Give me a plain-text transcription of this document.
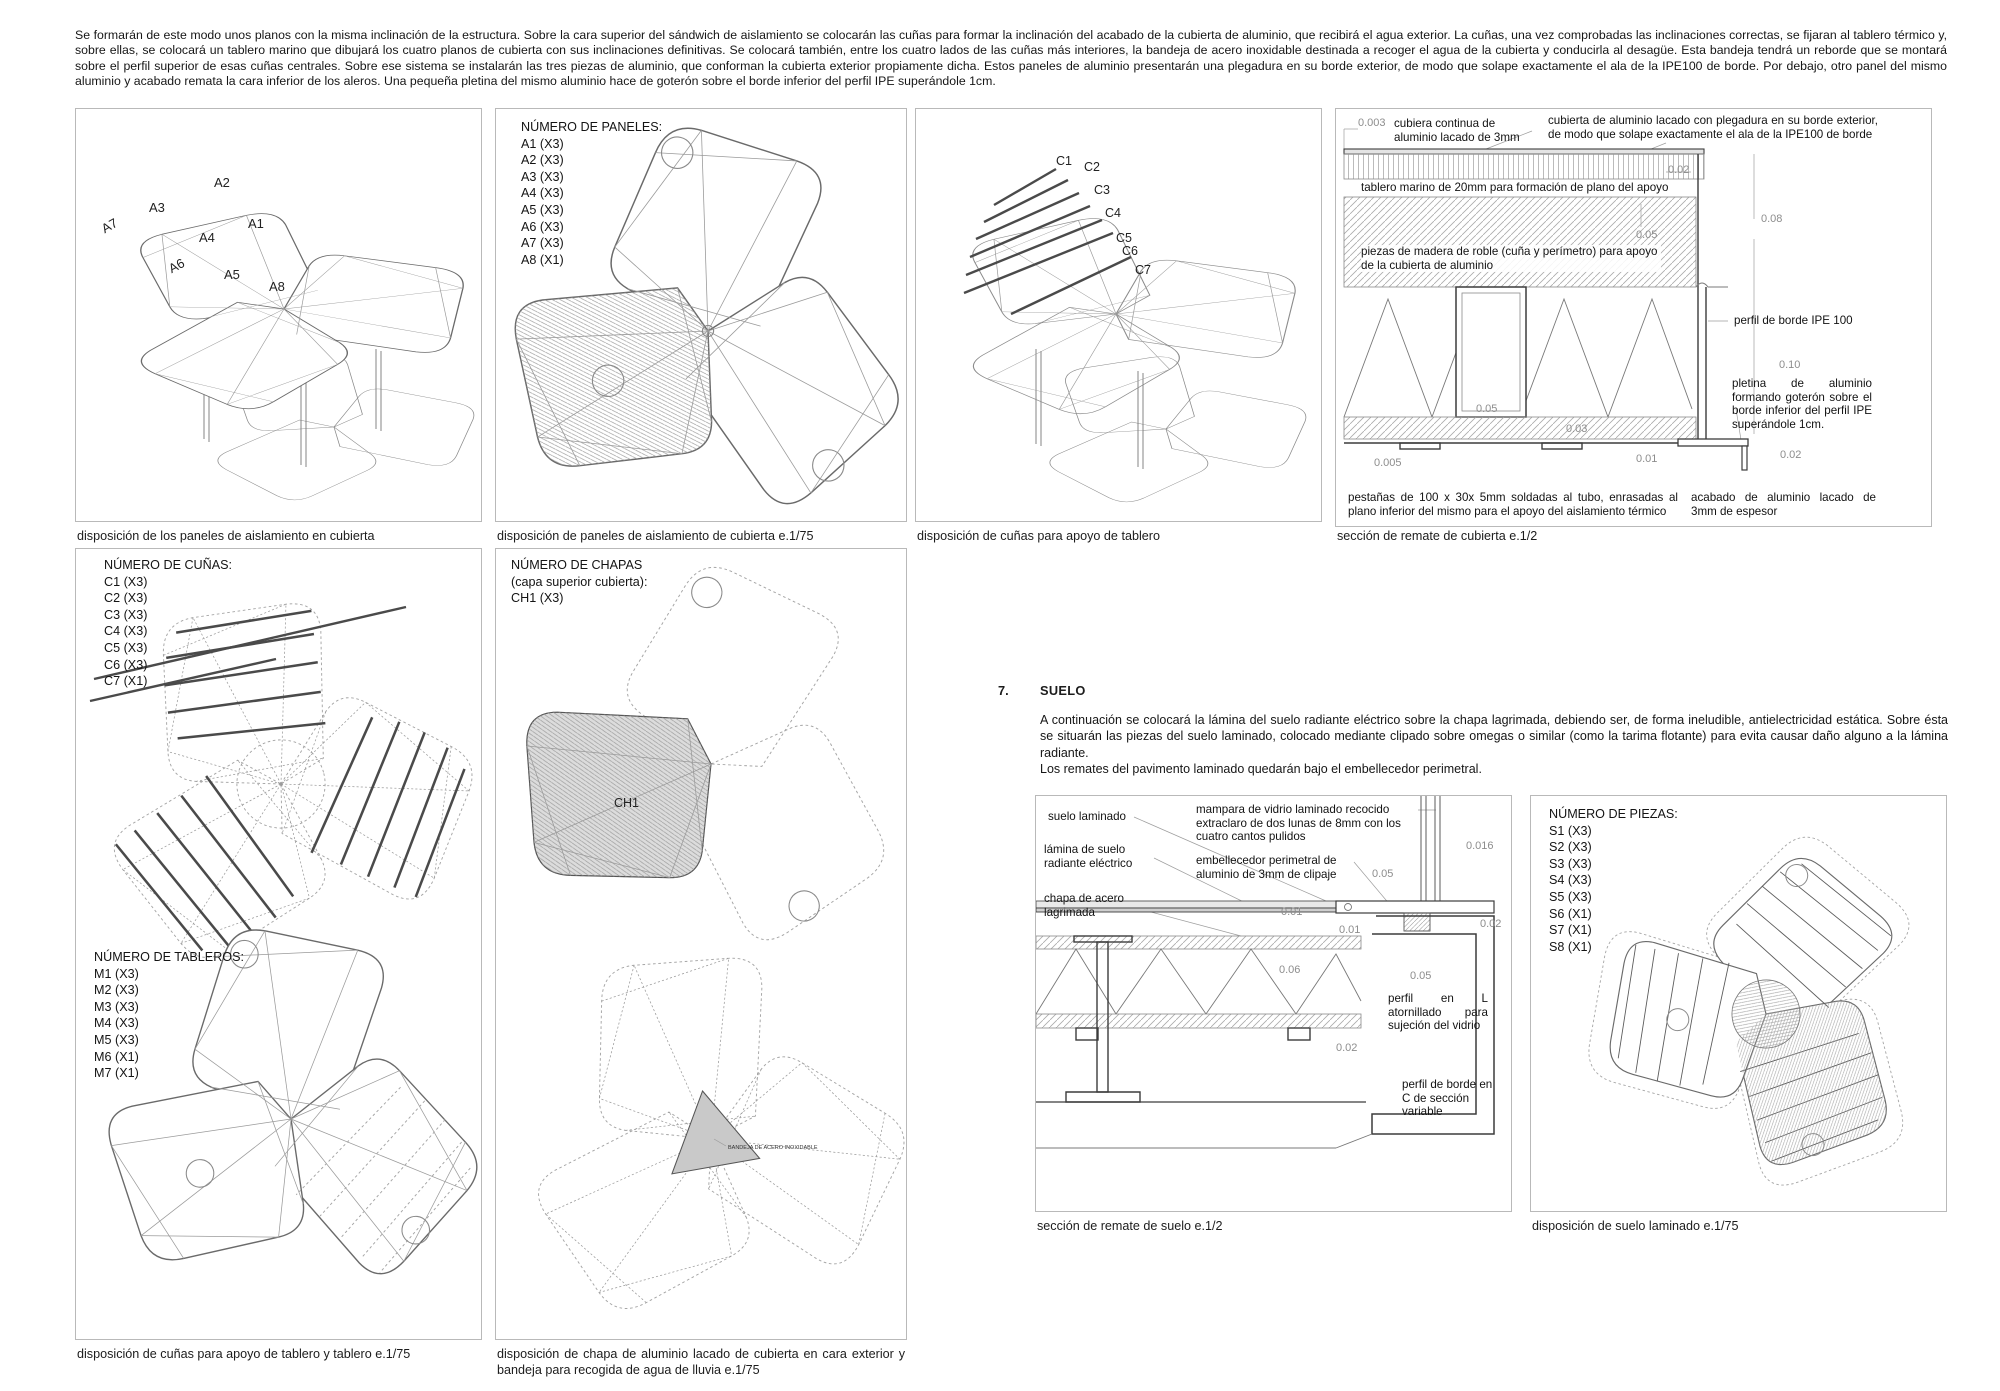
Se formarán de este modo unos planos con la misma inclinación de la estructura. Sobre la cara superior del sándwich de aislamiento se colocarán las cuñas para formar la inclinación del acabado de la cubierta de aluminio, que recibirá el agua exterior. La cuñas, una vez comprobadas las inclinaciones correctas, se fijaran al tablero térmico y, sobre ellas, se colocará un tablero marino que dibujará los cuatro planos de cubierta con sus inclinaciones definitivas. Se colocará también, entre los cuatro lados de las cuñas más interiores, la bandeja de acero inoxidable destinada a recoger el agua de la cubierta y conducirla al desagüe. Esta bandeja tendrá un reborde que se montará sobre el perfil superior de esas cuñas centrales. Sobre ese sistema se instalarán las tres piezas de aluminio, que conforman la cubierta exterior propiamente dicha. Estos paneles de aluminio presentarán una plegadura en su borde exterior, de modo que solape exactamente el ala de la IPE100 de borde. Por debajo, otro panel del mismo aluminio y acabado remata la cara inferior de los aleros. Una pequeña pletina del mismo aluminio hace de goterón sobre el borde inferior del perfil IPE superándole 1cm.
A2
A3
A7	A1
A4
A6	A5
A8
disposición de los paneles de aislamiento en cubierta
NÚMERO DE PANELES:
A1 (X3)
A2 (X3)
A3 (X3)
A4 (X3)
A5 (X3)
A6 (X3)
A7 (X3)
A8 (X1)
disposición de paneles de aislamiento de cubierta e.1/75
C1 C2
C3
C4
C5
C6
C7
disposición de cuñas para apoyo de tablero
0.003 cubiera continua de aluminio lacado de 3mm
cubierta de aluminio lacado con plegadura en su borde exterior, de modo que solape exactamente el ala de la IPE100 de borde
tablero marino de 20mm para formación de plano del apoyo
piezas de madera de roble (cuña y perímetro) para apoyo de la cubierta de aluminio
0.02
0.05
0.08
perfil de borde IPE 100
0.10
pletina de aluminio formando goterón sobre el borde inferior del perfil IPE superándole 1cm.
0.05
0.03
0.005	0.01	0.02
pestañas de 100 x 30x 5mm soldadas al tubo, enrasadas al plano inferior del mismo para el apoyo del aislamiento térmico
acabado de aluminio lacado de 3mm de espesor
sección de remate de cubierta e.1/2
NÚMERO DE CUÑAS:
C1 (X3)
C2 (X3)
C3 (X3)
C4 (X3)
C5 (X3)
C6 (X3)
C7 (X1)
NÚMERO DE TABLEROS:
M1 (X3)
M2 (X3)
M3 (X3)
M4 (X3)
M5 (X3)
M6 (X1)
M7 (X1)
disposición de cuñas para apoyo de tablero y tablero e.1/75
CH1
BANDEJA DE ACERO INOXIDABLE
NÚMERO DE CHAPAS
(capa superior cubierta):
CH1 (X3)
disposición de chapa de aluminio lacado de cubierta en cara exterior y bandeja para recogida de agua de lluvia e.1/75
7. SUELO
A continuación se colocará la lámina del suelo radiante eléctrico sobre la chapa lagrimada, debiendo ser, de forma ineludible, antielectricidad estática. Sobre ésta se situarán las piezas del suelo laminado, colocado mediante clipado sobre omegas o similar (como la tarima flotante) para evita causar daño alguno a la lámina radiante.
Los remates del pavimento laminado quedarán bajo el embellecedor perimetral.
suelo laminado
lámina de suelo radiante eléctrico
chapa de acero lagrimada
mampara de vidrio laminado recocido extraclaro de dos lunas de 8mm con los cuatro cantos pulidos
embellecedor perimetral de aluminio de 3mm de clipaje
0.016
0.05
0.01
0.01	0.02
0.06	0.05
perfil en L atornillado para sujeción del vidrio
0.02
perfil de borde en C de sección variable
sección de remate de suelo e.1/2
NÚMERO DE PIEZAS:
S1 (X3)
S2 (X3)
S3 (X3)
S4 (X3)
S5 (X3)
S6 (X1)
S7 (X1)
S8 (X1)
disposición de suelo laminado e.1/75
